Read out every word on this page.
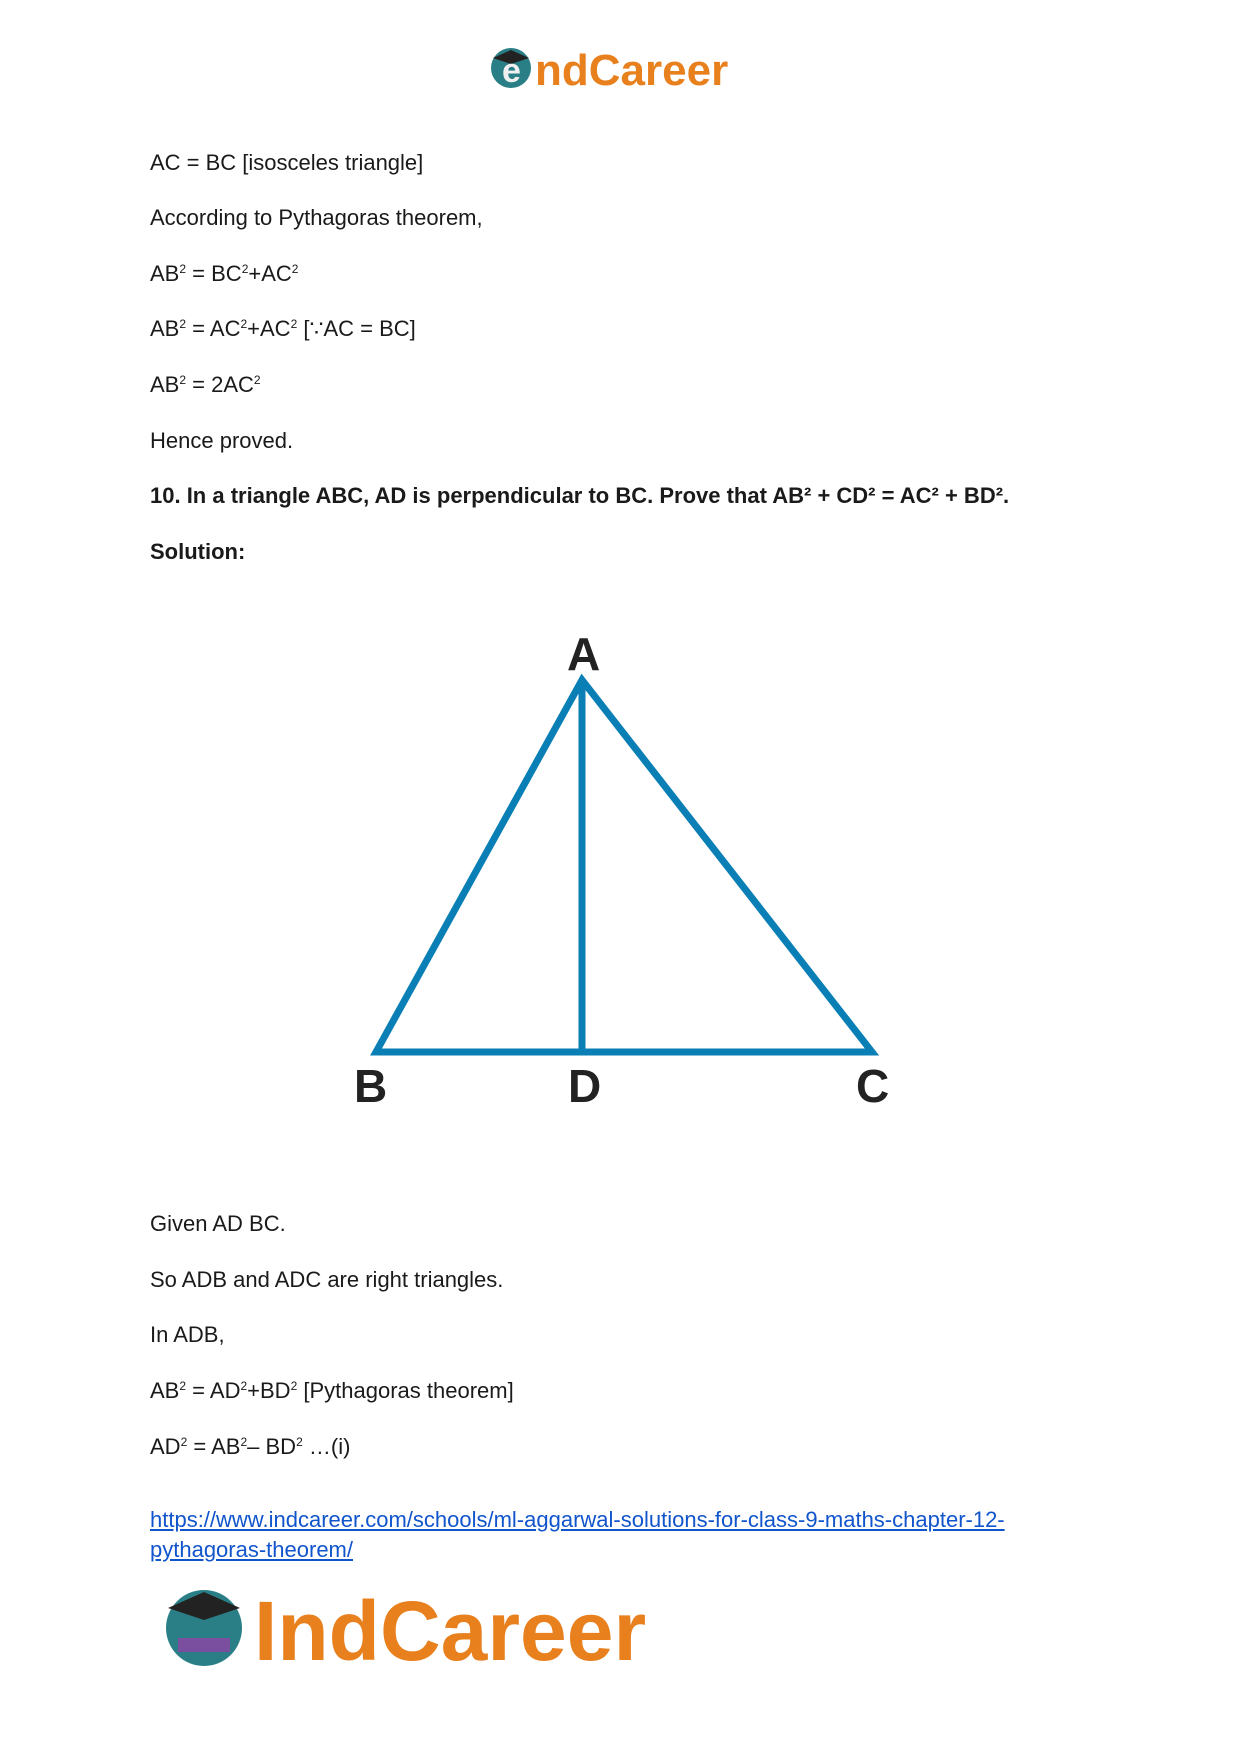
e ndCareer
AC = BC [isosceles triangle]
According to Pythagoras theorem,
$AB^2 = BC^2+AC^2$
$AB^2 = AC^2+AC^2$ [∵AC = BC]
$AB^2 = 2AC^2$
Hence proved.
10. In a triangle ABC, AD is perpendicular to BC. Prove that AB² + CD² = AC² + BD².
Solution:
A
B	D	C
Given AD BC.
So ADB and ADC are right triangles.
In ADB,
$AB^2 = AD^2+BD^2$ [Pythagoras theorem]
$AD^2 = AB^2-$ $BD^2$ …(i)
https://www.indcareer.com/schools/ml-aggarwal-solutions-for-class-9-maths-chapter-12-pythagoras-theorem/
IndCareer
